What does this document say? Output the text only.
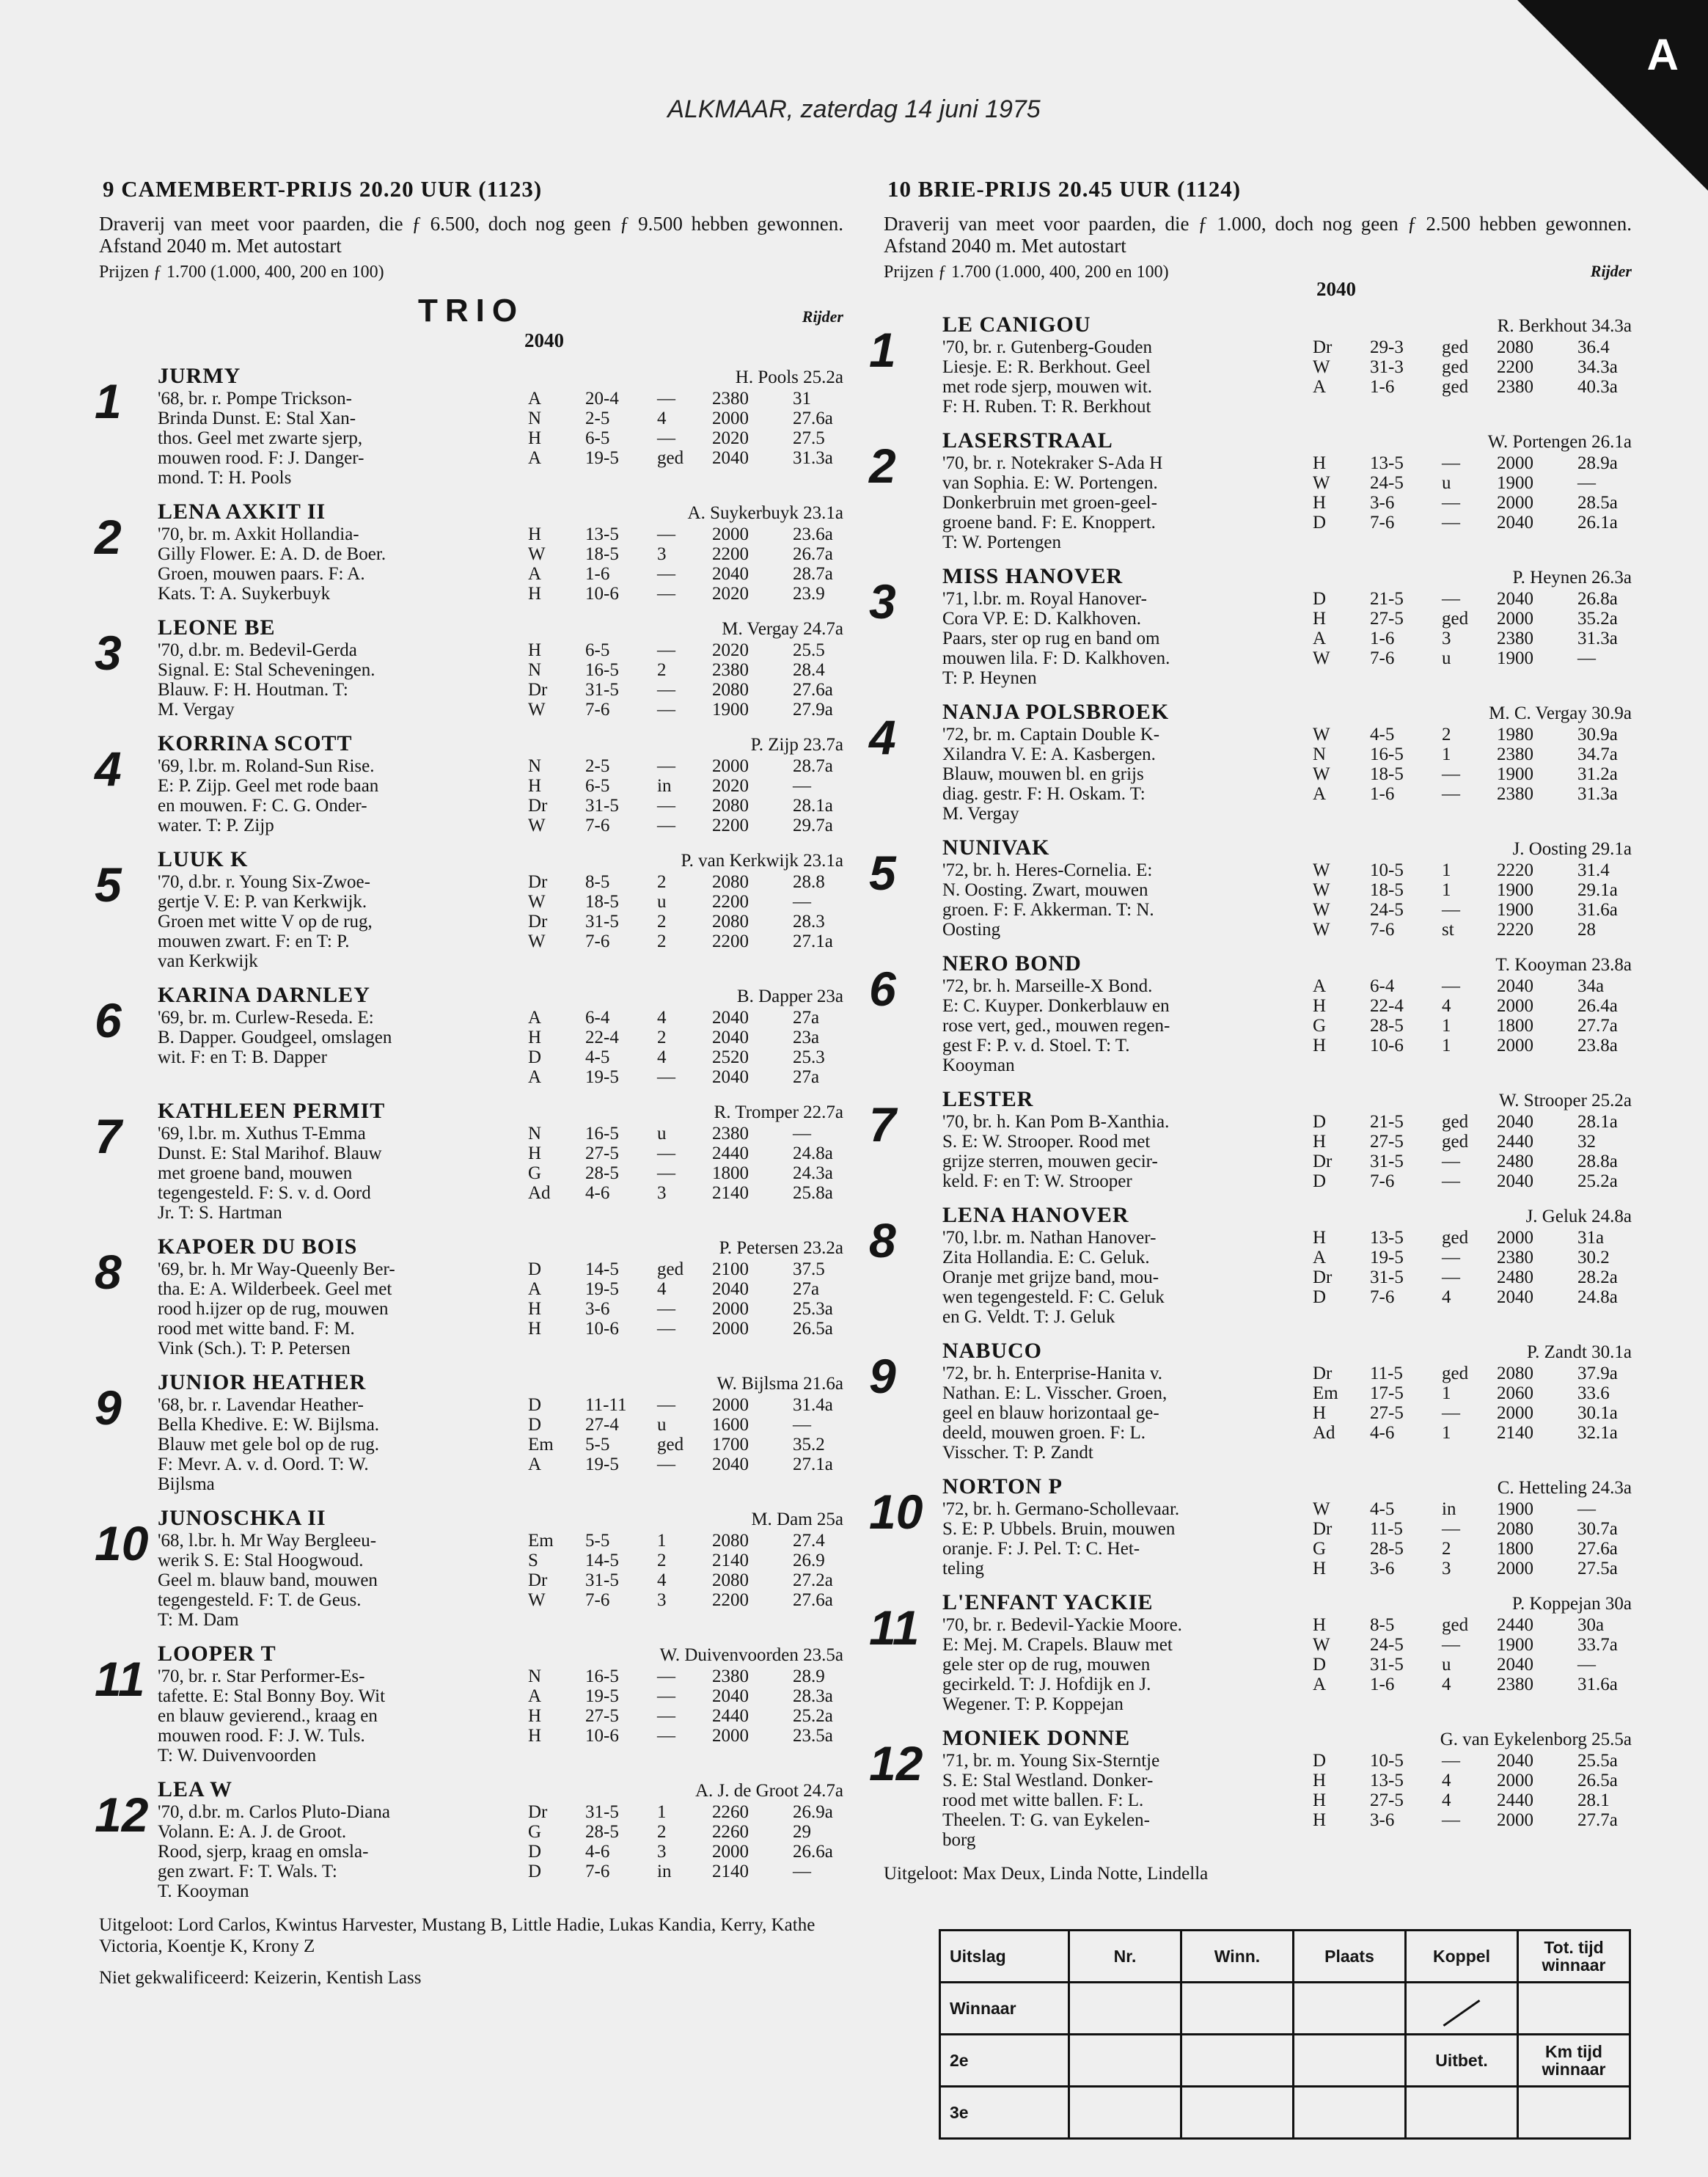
A
ALKMAAR, zaterdag 14 juni 1975
9 CAMEMBERT-PRIJS 20.20 UUR (1123)
Draverij van meet voor paarden, die ƒ 6.500, doch nog geen ƒ 9.500 hebben gewonnen. Afstand 2040 m. Met autostart
Prijzen ƒ 1.700 (1.000, 400, 200 en 100)
TRIO	Rijder
2040
1 JURMY	H. Pools 25.2a
'68, br. r. Pompe Trickson-
Brinda Dunst. E: Stal Xan-
thos. Geel met zwarte sjerp,
mouwen rood. F: J. Danger-
mond. T: H. Pools
A	20-4	—	2380	31
N	2-5	4	2000	27.6a
H	6-5	—	2020	27.5
A	19-5	ged	2040	31.3a
2 LENA AXKIT II	A. Suykerbuyk 23.1a
'70, br. m. Axkit Hollandia-
Gilly Flower. E: A. D. de Boer.
Groen, mouwen paars. F: A.
Kats. T: A. Suykerbuyk
H	13-5	—	2000	23.6a
W	18-5	3	2200	26.7a
A	1-6	—	2040	28.7a
H	10-6	—	2020	23.9
3 LEONE BE	M. Vergay 24.7a
'70, d.br. m. Bedevil-Gerda
Signal. E: Stal Scheveningen.
Blauw. F: H. Houtman. T:
M. Vergay
H	6-5	—	2020	25.5
N	16-5	2	2380	28.4
Dr	31-5	—	2080	27.6a
W	7-6	—	1900	27.9a
4 KORRINA SCOTT	P. Zijp 23.7a
'69, l.br. m. Roland-Sun Rise.
E: P. Zijp. Geel met rode baan
en mouwen. F: C. G. Onder-
water. T: P. Zijp
N	2-5	—	2000	28.7a
H	6-5	in	2020	—
Dr	31-5	—	2080	28.1a
W	7-6	—	2200	29.7a
5 LUUK K	P. van Kerkwijk 23.1a
'70, d.br. r. Young Six-Zwoe-
gertje V. E: P. van Kerkwijk.
Groen met witte V op de rug,
mouwen zwart. F: en T: P.
van Kerkwijk
Dr	8-5	2	2080	28.8
W	18-5	u	2200	—
Dr	31-5	2	2080	28.3
W	7-6	2	2200	27.1a
6 KARINA DARNLEY	B. Dapper 23a
'69, br. m. Curlew-Reseda. E:
B. Dapper. Goudgeel, omslagen
wit. F: en T: B. Dapper
A	6-4	4	2040	27a
H	22-4	2	2040	23a
D	4-5	4	2520	25.3
A	19-5	—	2040	27a
7 KATHLEEN PERMIT	R. Tromper 22.7a
'69, l.br. m. Xuthus T-Emma
Dunst. E: Stal Marihof. Blauw
met groene band, mouwen
tegengesteld. F: S. v. d. Oord
Jr. T: S. Hartman
N	16-5	u	2380	—
H	27-5	—	2440	24.8a
G	28-5	—	1800	24.3a
Ad	4-6	3	2140	25.8a
8 KAPOER DU BOIS	P. Petersen 23.2a
'69, br. h. Mr Way-Queenly Ber-
tha. E: A. Wilderbeek. Geel met
rood h.ijzer op de rug, mouwen
rood met witte band. F: M.
Vink (Sch.). T: P. Petersen
D	14-5	ged	2100	37.5
A	19-5	4	2040	27a
H	3-6	—	2000	25.3a
H	10-6	—	2000	26.5a
9 JUNIOR HEATHER	W. Bijlsma 21.6a
'68, br. r. Lavendar Heather-
Bella Khedive. E: W. Bijlsma.
Blauw met gele bol op de rug.
F: Mevr. A. v. d. Oord. T: W.
Bijlsma
D	11-11	—	2000	31.4a
D	27-4	u	1600	—
Em	5-5	ged	1700	35.2
A	19-5	—	2040	27.1a
10 JUNOSCHKA II	M. Dam 25a
'68, l.br. h. Mr Way Bergleeu-
werik S. E: Stal Hoogwoud.
Geel m. blauw band, mouwen
tegengesteld. F: T. de Geus.
T: M. Dam
Em	5-5	1	2080	27.4
S	14-5	2	2140	26.9
Dr	31-5	4	2080	27.2a
W	7-6	3	2200	27.6a
11 LOOPER T	W. Duivenvoorden 23.5a
'70, br. r. Star Performer-Es-
tafette. E: Stal Bonny Boy. Wit
en blauw gevierend., kraag en
mouwen rood. F: J. W. Tuls.
T: W. Duivenvoorden
N	16-5	—	2380	28.9
A	19-5	—	2040	28.3a
H	27-5	—	2440	25.2a
H	10-6	—	2000	23.5a
12 LEA W	A. J. de Groot 24.7a
'70, d.br. m. Carlos Pluto-Diana
Volann. E: A. J. de Groot.
Rood, sjerp, kraag en omsla-
gen zwart. F: T. Wals. T:
T. Kooyman
Dr	31-5	1	2260	26.9a
G	28-5	2	2260	29
D	4-6	3	2000	26.6a
D	7-6	in	2140	—
Uitgeloot: Lord Carlos, Kwintus Harvester, Mustang B, Little Hadie, Lukas Kandia, Kerry, Kathe Victoria, Koentje K, Krony Z
Niet gekwalificeerd: Keizerin, Kentish Lass
10 BRIE-PRIJS 20.45 UUR (1124)
Draverij van meet voor paarden, die ƒ 1.000, doch nog geen ƒ 2.500 hebben gewonnen. Afstand 2040 m. Met autostart
Prijzen ƒ 1.700 (1.000, 400, 200 en 100)	Rijder
2040
1 LE CANIGOU	R. Berkhout 34.3a
'70, br. r. Gutenberg-Gouden
Liesje. E: R. Berkhout. Geel
met rode sjerp, mouwen wit.
F: H. Ruben. T: R. Berkhout
Dr	29-3	ged	2080	36.4
W	31-3	ged	2200	34.3a
A	1-6	ged	2380	40.3a
2 LASERSTRAAL	W. Portengen 26.1a
'70, br. r. Notekraker S-Ada H
van Sophia. E: W. Portengen.
Donkerbruin met groen-geel-
groene band. F: E. Knoppert.
T: W. Portengen
H	13-5	—	2000	28.9a
W	24-5	u	1900	—
H	3-6	—	2000	28.5a
D	7-6	—	2040	26.1a
3 MISS HANOVER	P. Heynen 26.3a
'71, l.br. m. Royal Hanover-
Cora VP. E: D. Kalkhoven.
Paars, ster op rug en band om
mouwen lila. F: D. Kalkhoven.
T: P. Heynen
D	21-5	—	2040	26.8a
H	27-5	ged	2000	35.2a
A	1-6	3	2380	31.3a
W	7-6	u	1900	—
4 NANJA POLSBROEK	M. C. Vergay 30.9a
'72, br. m. Captain Double K-
Xilandra V. E: A. Kasbergen.
Blauw, mouwen bl. en grijs
diag. gestr. F: H. Oskam. T:
M. Vergay
W	4-5	2	1980	30.9a
N	16-5	1	2380	34.7a
W	18-5	—	1900	31.2a
A	1-6	—	2380	31.3a
5 NUNIVAK	J. Oosting 29.1a
'72, br. h. Heres-Cornelia. E:
N. Oosting. Zwart, mouwen
groen. F: F. Akkerman. T: N.
Oosting
W	10-5	1	2220	31.4
W	18-5	1	1900	29.1a
W	24-5	—	1900	31.6a
W	7-6	st	2220	28
6 NERO BOND	T. Kooyman 23.8a
'72, br. h. Marseille-X Bond.
E: C. Kuyper. Donkerblauw en
rose vert, ged., mouwen regen-
gest F: P. v. d. Stoel. T: T.
Kooyman
A	6-4	—	2040	34a
H	22-4	4	2000	26.4a
G	28-5	1	1800	27.7a
H	10-6	1	2000	23.8a
7 LESTER	W. Strooper 25.2a
'70, br. h. Kan Pom B-Xanthia.
S. E: W. Strooper. Rood met
grijze sterren, mouwen gecir-
keld. F: en T: W. Strooper
D	21-5	ged	2040	28.1a
H	27-5	ged	2440	32
Dr	31-5	—	2480	28.8a
D	7-6	—	2040	25.2a
8 LENA HANOVER	J. Geluk 24.8a
'70, l.br. m. Nathan Hanover-
Zita Hollandia. E: C. Geluk.
Oranje met grijze band, mou-
wen tegengesteld. F: C. Geluk
en G. Veldt. T: J. Geluk
H	13-5	ged	2000	31a
A	19-5	—	2380	30.2
Dr	31-5	—	2480	28.2a
D	7-6	4	2040	24.8a
9 NABUCO	P. Zandt 30.1a
'72, br. h. Enterprise-Hanita v.
Nathan. E: L. Visscher. Groen,
geel en blauw horizontaal ge-
deeld, mouwen groen. F: L.
Visscher. T: P. Zandt
Dr	11-5	ged	2080	37.9a
Em	17-5	1	2060	33.6
H	27-5	—	2000	30.1a
Ad	4-6	1	2140	32.1a
10 NORTON P	C. Hetteling 24.3a
'72, br. h. Germano-Schollevaar.
S. E: P. Ubbels. Bruin, mouwen
oranje. F: J. Pel. T: C. Het-
teling
W	4-5	in	1900	—
Dr	11-5	—	2080	30.7a
G	28-5	2	1800	27.6a
H	3-6	3	2000	27.5a
11 L'ENFANT YACKIE	P. Koppejan 30a
'70, br. r. Bedevil-Yackie Moore.
E: Mej. M. Crapels. Blauw met
gele ster op de rug, mouwen
gecirkeld. T: J. Hofdijk en J.
Wegener. T: P. Koppejan
H	8-5	ged	2440	30a
W	24-5	—	1900	33.7a
D	31-5	u	2040	—
A	1-6	4	2380	31.6a
12 MONIEK DONNE	G. van Eykelenborg 25.5a
'71, br. m. Young Six-Sterntje
S. E: Stal Westland. Donker-
rood met witte ballen. F: L.
Theelen. T: G. van Eykelen-
borg
D	10-5	—	2040	25.5a
H	13-5	4	2000	26.5a
H	27-5	4	2440	28.1
H	3-6	—	2000	27.7a
Uitgeloot: Max Deux, Linda Notte, Lindella
Uitslag	Nr.	Winn.	Plaats	Koppel	Tot. tijd winnaar
Winnaar					
2e				Uitbet.	Km tijd winnaar
3e					
